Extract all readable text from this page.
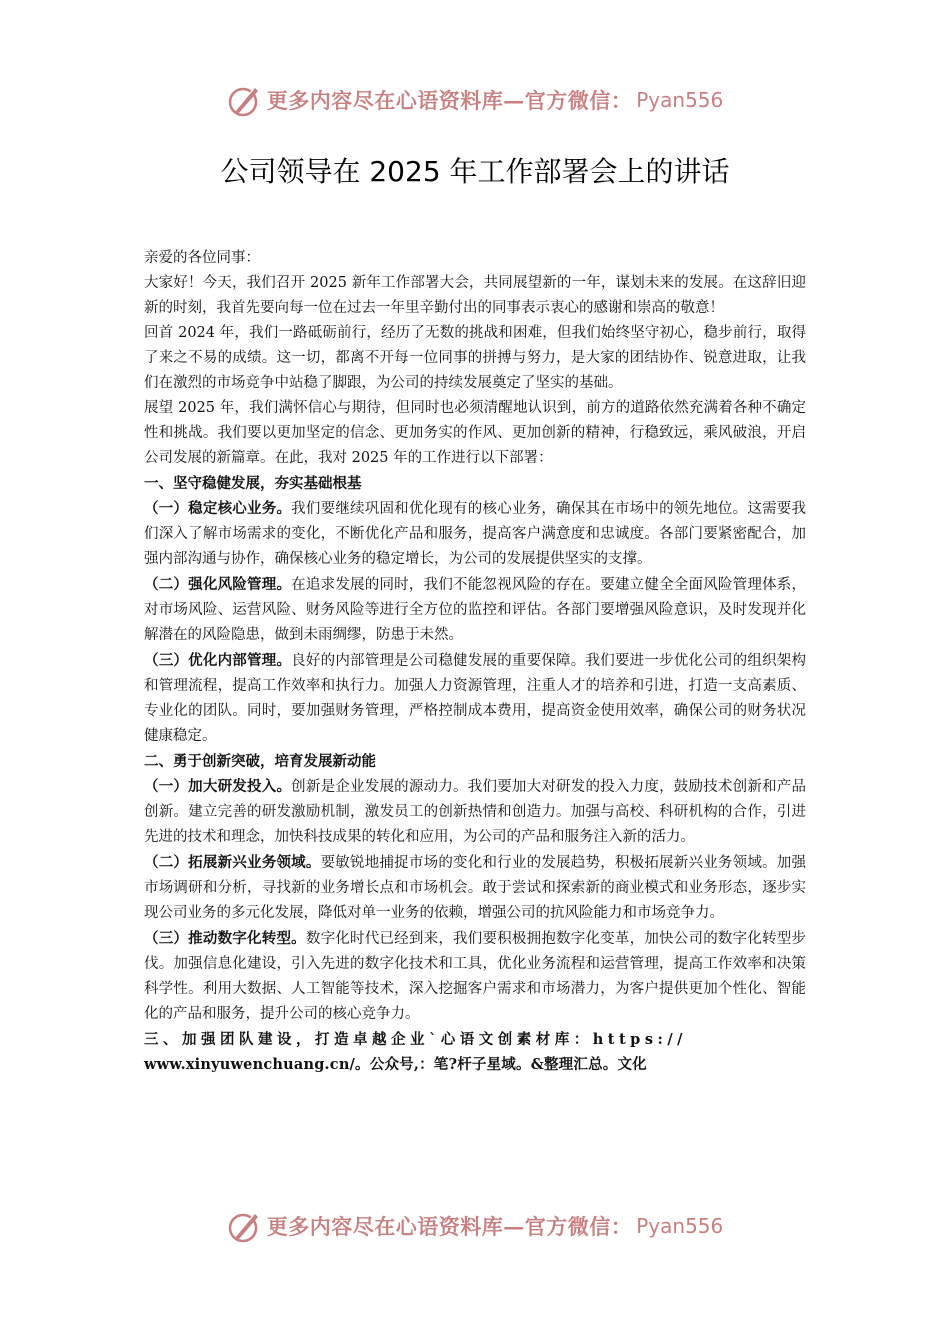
更多内容尽在心语资料库—官方微信： Pyan556
公司领导在 2025 年工作部署会上的讲话

亲爱的各位同事：

大家好！今天，我们召开 2025 新年工作部署大会，共同展望新的一年，谋划未来的发展。在这辞旧迎新的时刻，我首先要向每一位在过去一年里辛勤付出的同事表示衷心的感谢和崇高的敬意！

回首 2024 年，我们一路砥砺前行，经历了无数的挑战和困难，但我们始终坚守初心，稳步前行，取得了来之不易的成绩。这一切，都离不开每一位同事的拼搏与努力，是大家的团结协作、锐意进取，让我们在激烈的市场竞争中站稳了脚跟，为公司的持续发展奠定了坚实的基础。

展望 2025 年，我们满怀信心与期待，但同时也必须清醒地认识到，前方的道路依然充满着各种不确定性和挑战。我们要以更加坚定的信念、更加务实的作风、更加创新的精神，行稳致远，乘风破浪，开启公司发展的新篇章。在此，我对 2025 年的工作进行以下部署：

一、坚守稳健发展，夯实基础根基

（一）稳定核心业务。我们要继续巩固和优化现有的核心业务，确保其在市场中的领先地位。这需要我们深入了解市场需求的变化，不断优化产品和服务，提高客户满意度和忠诚度。各部门要紧密配合，加强内部沟通与协作，确保核心业务的稳定增长，为公司的发展提供坚实的支撑。

（二）强化风险管理。在追求发展的同时，我们不能忽视风险的存在。要建立健全全面风险管理体系，对市场风险、运营风险、财务风险等进行全方位的监控和评估。各部门要增强风险意识，及时发现并化解潜在的风险隐患，做到未雨绸缪，防患于未然。

（三）优化内部管理。良好的内部管理是公司稳健发展的重要保障。我们要进一步优化公司的组织架构和管理流程，提高工作效率和执行力。加强人力资源管理，注重人才的培养和引进，打造一支高素质、专业化的团队。同时，要加强财务管理，严格控制成本费用，提高资金使用效率，确保公司的财务状况健康稳定。

二、勇于创新突破，培育发展新动能

（一）加大研发投入。创新是企业发展的源动力。我们要加大对研发的投入力度，鼓励技术创新和产品创新。建立完善的研发激励机制，激发员工的创新热情和创造力。加强与高校、科研机构的合作，引进先进的技术和理念，加快科技成果的转化和应用，为公司的产品和服务注入新的活力。

（二）拓展新兴业务领域。要敏锐地捕捉市场的变化和行业的发展趋势，积极拓展新兴业务领域。加强市场调研和分析，寻找新的业务增长点和市场机会。敢于尝试和探索新的商业模式和业务形态，逐步实现公司业务的多元化发展，降低对单一业务的依赖，增强公司的抗风险能力和市场竞争力。

（三）推动数字化转型。数字化时代已经到来，我们要积极拥抱数字化变革，加快公司的数字化转型步伐。加强信息化建设，引入先进的数字化技术和工具，优化业务流程和运营管理，提高工作效率和决策科学性。利用大数据、人工智能等技术，深入挖掘客户需求和市场潜力，为客户提供更加个性化、智能化的产品和服务，提升公司的核心竞争力。

三、加强团队建设，打造卓越企业`心语文创素材库：https://

www.xinyuwenchuang.cn/。公众号,：笔?杆子星域。&整理汇总。文化

更多内容尽在心语资料库—官方微信： Pyan556
